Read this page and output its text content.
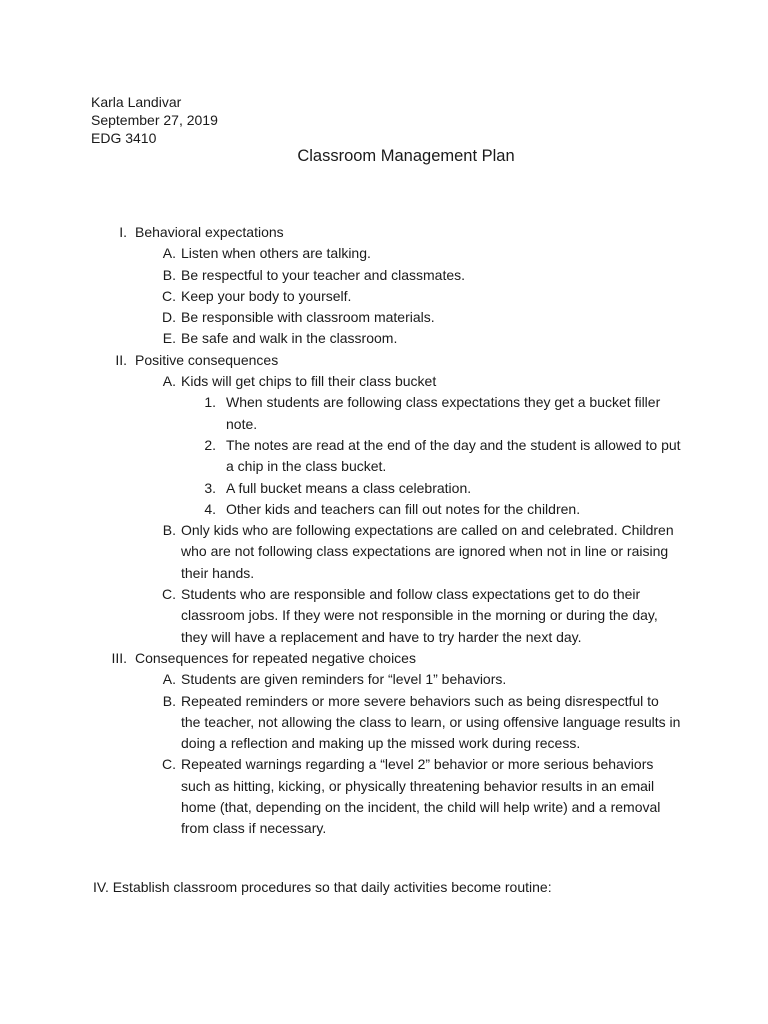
Karla Landivar
September 27, 2019
EDG 3410
Classroom Management Plan
I. Behavioral expectations
A. Listen when others are talking.
B. Be respectful to your teacher and classmates.
C. Keep your body to yourself.
D. Be responsible with classroom materials.
E. Be safe and walk in the classroom.
II. Positive consequences
A. Kids will get chips to fill their class bucket
1. When students are following class expectations they get a bucket filler note.
2. The notes are read at the end of the day and the student is allowed to put a chip in the class bucket.
3. A full bucket means a class celebration.
4. Other kids and teachers can fill out notes for the children.
B. Only kids who are following expectations are called on and celebrated. Children who are not following class expectations are ignored when not in line or raising their hands.
C. Students who are responsible and follow class expectations get to do their classroom jobs. If they were not responsible in the morning or during the day, they will have a replacement and have to try harder the next day.
III. Consequences for repeated negative choices
A. Students are given reminders for “level 1” behaviors.
B. Repeated reminders or more severe behaviors such as being disrespectful to the teacher, not allowing the class to learn, or using offensive language results in doing a reflection and making up the missed work during recess.
C. Repeated warnings regarding a “level 2” behavior or more serious behaviors such as hitting, kicking, or physically threatening behavior results in an email home (that, depending on the incident, the child will help write) and a removal from class if necessary.
IV. Establish classroom procedures so that daily activities become routine:
